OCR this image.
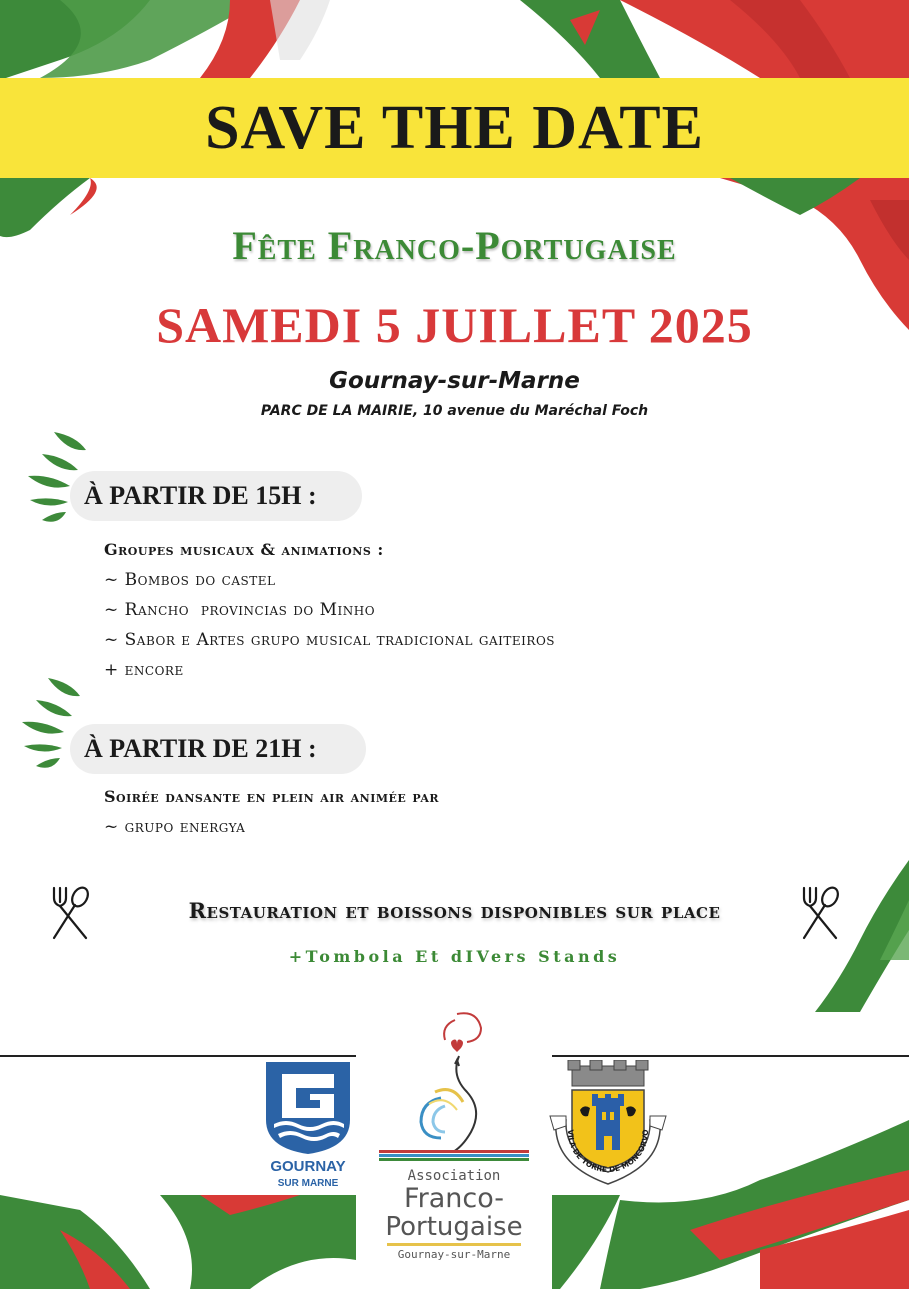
SAVE THE DATE
Fête Franco-Portugaise
SAMEDI 5 JUILLET 2025
Gournay-sur-Marne
PARC DE LA MAIRIE, 10 avenue du Maréchal Foch
À PARTIR DE 15H :
Groupes musicaux & animations :
~ Bombos do castel
~ Rancho  provincias do Minho
~ Sabor e Artes grupo musical tradicional gaiteiros
+ encore
À PARTIR DE 21H :
Soirée dansante en plein air animée par
~ grupo energya
Restauration et boissons disponibles sur place
+Tombola Et dIVers Stands
GOURNAY
SUR MARNE	Association
Franco-
Portugaise
Gournay-sur-Marne
VILA DE TORRE DE MONCORVO
